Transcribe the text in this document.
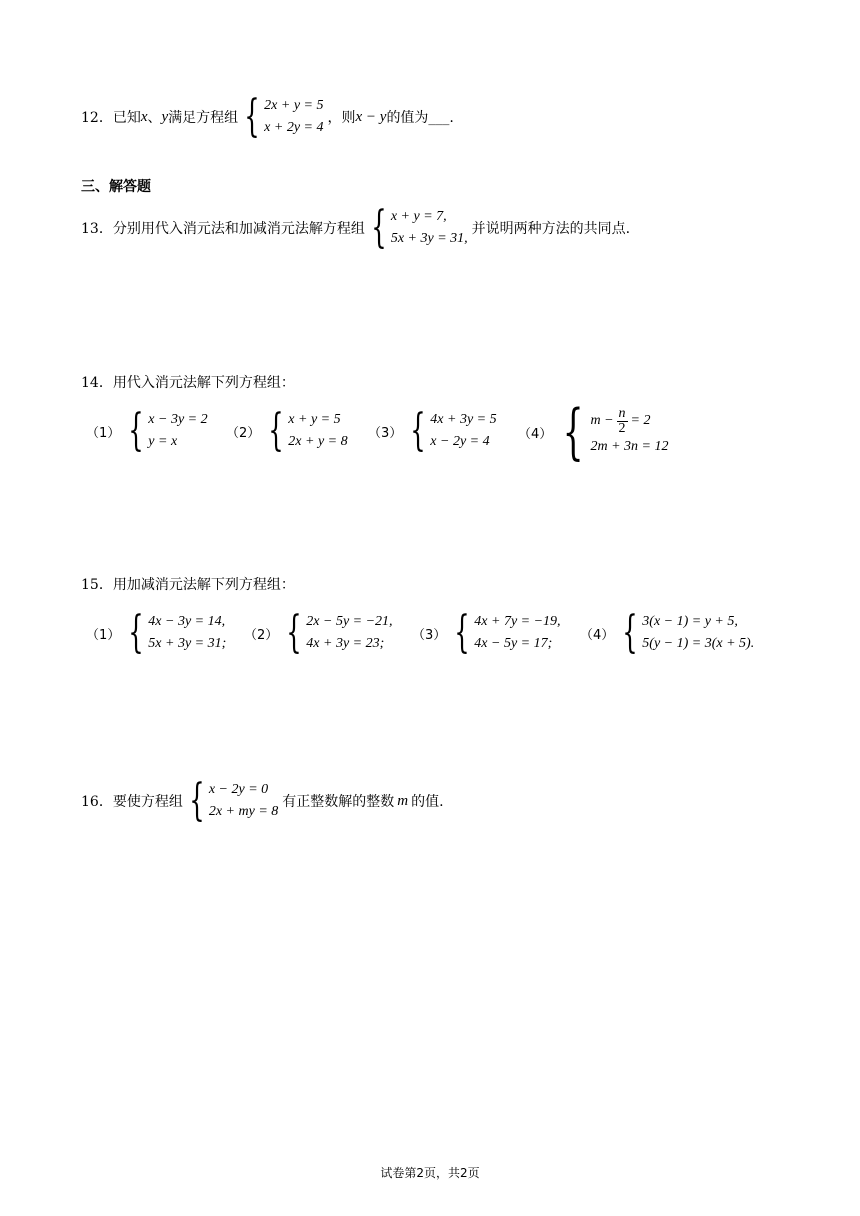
12． 已知 x 、 y 满足方程组 { 2x + y = 5
x + 2y = 4
，则 x − y 的值为___.
三、解答题
13． 分别用代入消元法和加减消元法解方程组 { x + y = 7,
5x + 3y = 31,
并说明两种方法的共同点.
14．用代入消元法解下列方程组：
（1） { x − 3y = 2
y = x
（2） { x + y = 5
2x + y = 8
（3） { 4x + 3y = 5
x − 2y = 4	（4） { $m - \frac{n}{2} = 2$
2m + 3n = 12
15．用加减消元法解下列方程组：
（1） { 4x − 3y = 14,
5x + 3y = 31;
（2） { 2x − 5y = −21,
4x + 3y = 23;
（3） { 4x + 7y = −19,
4x − 5y = 17;
（4） { 3(x − 1) = y + 5,
5(y − 1) = 3(x + 5).
16． 要使方程组 { x − 2y = 0
2x + my = 8
有正整数解的整数 m 的值.
试卷第2页，共2页
